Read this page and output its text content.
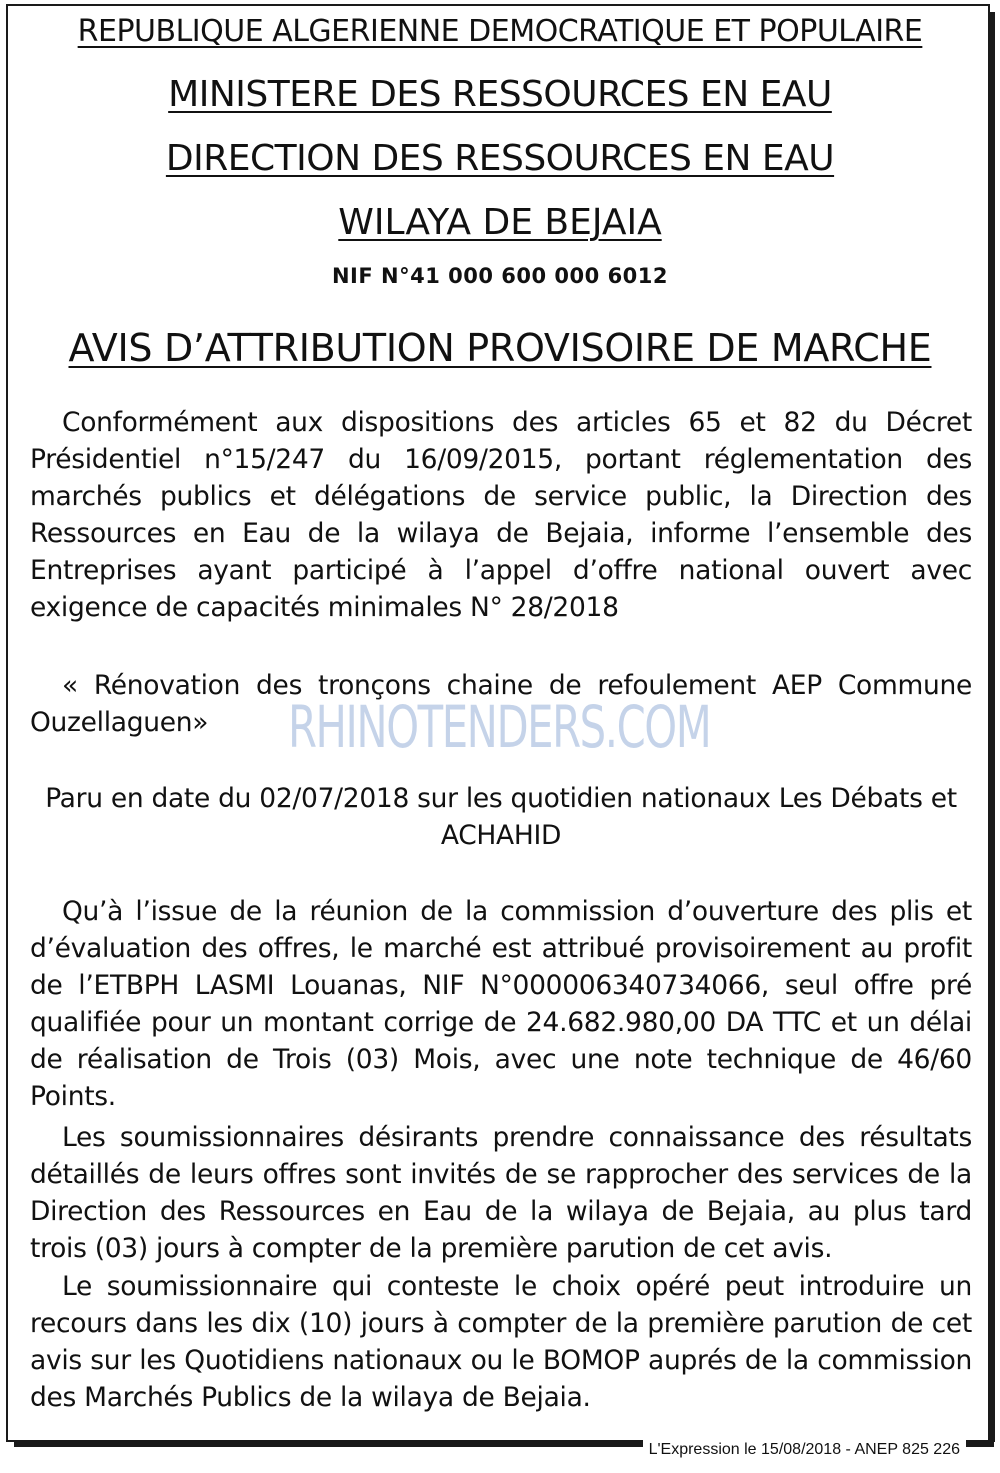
REPUBLIQUE ALGERIENNE DEMOCRATIQUE ET POPULAIRE
MINISTERE DES RESSOURCES EN EAU
DIRECTION DES RESSOURCES EN EAU
WILAYA DE BEJAIA
NIF N°41 000 600 000 6012
AVIS D’ATTRIBUTION PROVISOIRE DE MARCHE
Conformément aux dispositions des articles 65 et 82 du Décret Présidentiel n°15/247 du 16/09/2015, portant réglementation des marchés publics et délégations de service public, la Direction des Ressources en Eau de la wilaya de Bejaia, informe l’ensemble des Entreprises ayant participé à l’appel d’offre national ouvert avec exigence de capacités minimales N° 28/2018
« Rénovation des tronçons chaine de refoulement AEP Commune Ouzellaguen»
Paru en date du 02/07/2018 sur les quotidien nationaux Les Débats et ACHAHID
Qu’à l’issue de la réunion de la commission d’ouverture des plis et d’évaluation des offres, le marché est attribué provisoirement au profit de l’ETBPH LASMI Louanas, NIF N°000006340734066, seul offre pré qualifiée pour un montant corrige de 24.682.980,00 DA TTC et un délai de réalisation de Trois (03) Mois, avec une note technique de 46/60 Points.
Les soumissionnaires désirants prendre connaissance des résultats détaillés de leurs offres sont invités de se rapprocher des services de la Direction des Ressources en Eau de la wilaya de Bejaia, au plus tard trois (03) jours à compter de la première parution de cet avis.
Le soumissionnaire qui conteste le choix opéré peut introduire un recours dans les dix (10) jours à compter de la première parution de cet avis sur les Quotidiens nationaux ou le BOMOP auprés de la commission des Marchés Publics de la wilaya de Bejaia.
RHINOTENDERS.COM
L'Expression le 15/08/2018 - ANEP 825 226
